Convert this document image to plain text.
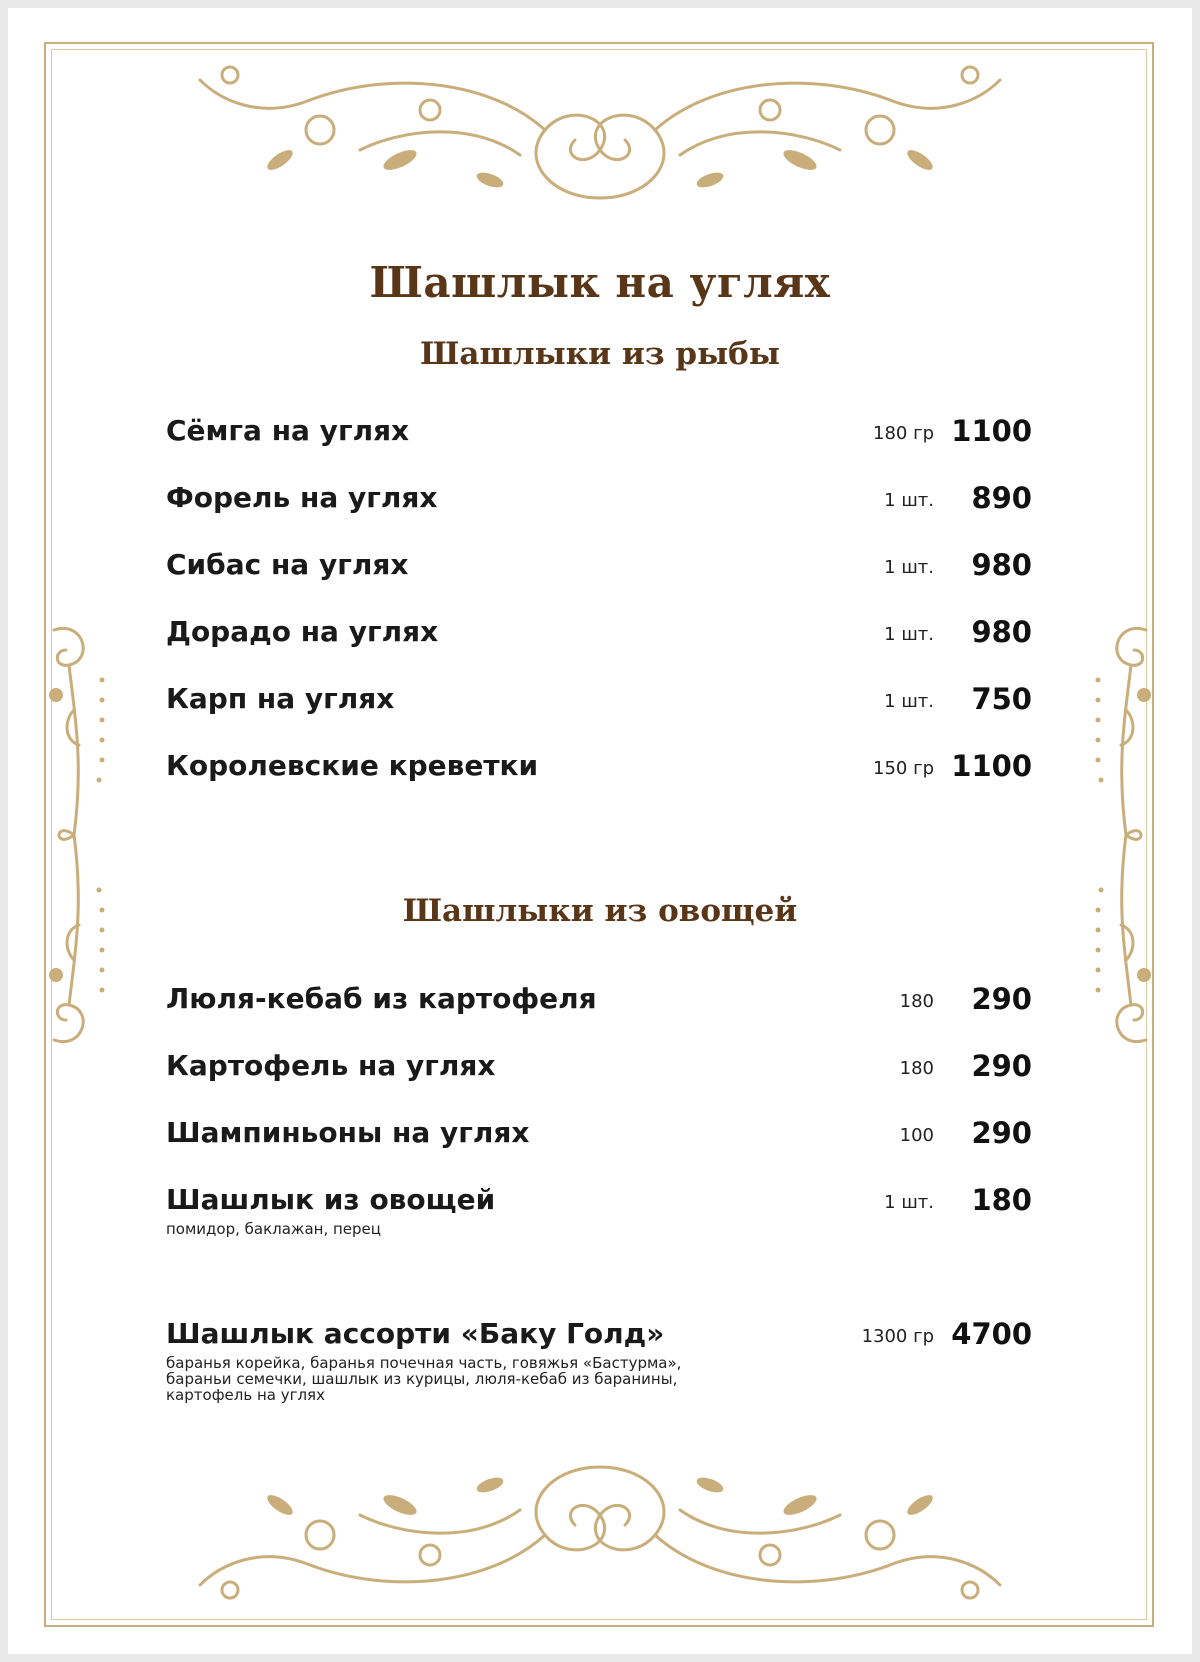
Шашлык на углях
Шашлыки из рыбы
Сёмга на углях	180 гр 1100
Форель на углях	1 шт. 890
Сибас на углях	1 шт. 980
Дорадо на углях	1 шт. 980
Карп на углях	1 шт. 750
Королевские креветки	150 гр 1100
Шашлыки из овощей
Люля-кебаб из картофеля	180 290
Картофель на углях	180 290
Шампиньоны на углях	100 290
Шашлык из овощей	1 шт. 180
помидор, баклажан, перец
Шашлык ассорти «Баку Голд»	1300 гр 4700
баранья корейка, баранья почечная часть, говяжья «Бастурма», бараньи семечки, шашлык из курицы, люля-кебаб из баранины, картофель на углях
